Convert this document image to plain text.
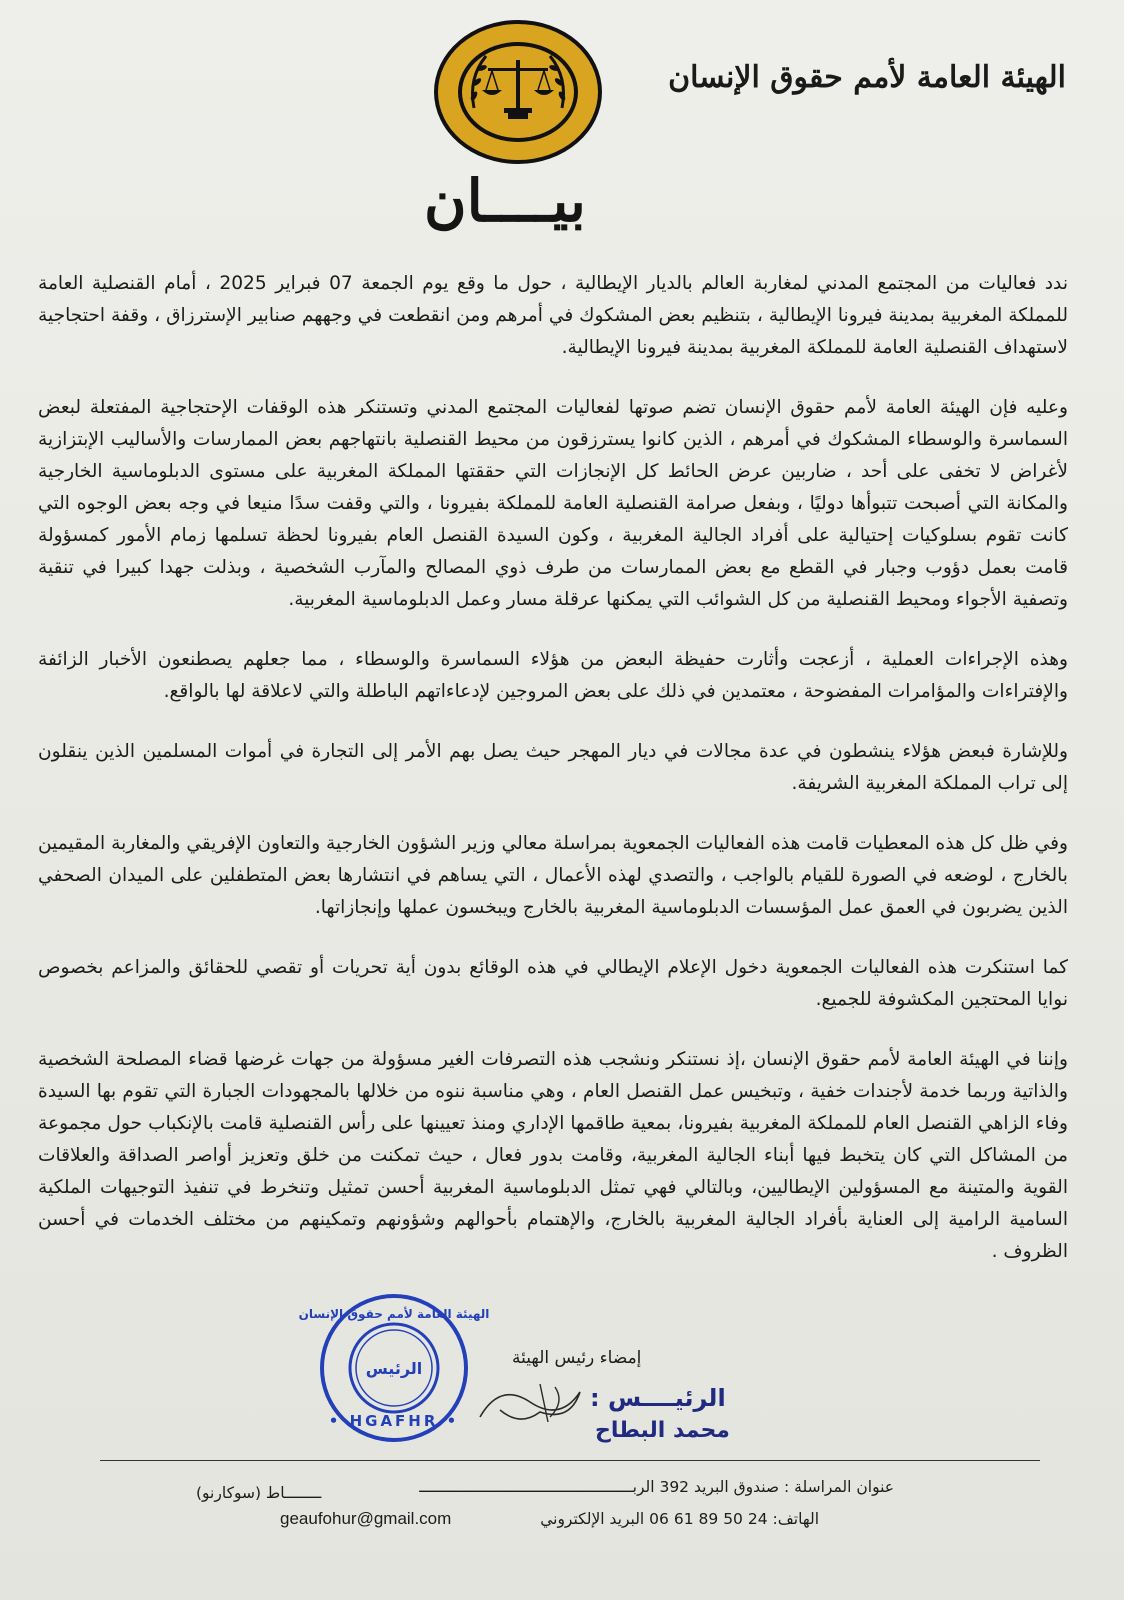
الهيئة العامة لأمم حقوق الإنسان
بيــــان

ندد فعاليات من المجتمع المدني لمغاربة العالم بالديار الإيطالية ، حول ما وقع يوم الجمعة 07 فبراير 2025 ، أمام القنصلية العامة للمملكة المغربية بمدينة فيرونا الإيطالية ، بتنظيم بعض المشكوك في أمرهم ومن انقطعت في وجههم صنابير الإسترزاق ، وقفة احتجاجية لاستهداف القنصلية العامة للمملكة المغربية بمدينة فيرونا الإيطالية.

وعليه فإن الهيئة العامة لأمم حقوق الإنسان تضم صوتها لفعاليات المجتمع المدني وتستنكر هذه الوقفات الإحتجاجية المفتعلة لبعض السماسرة والوسطاء المشكوك في أمرهم ، الذين كانوا يسترزقون من محيط القنصلية بانتهاجهم بعض الممارسات والأساليب الإبتزازية لأغراض لا تخفى على أحد ، ضاربين عرض الحائط كل الإنجازات التي حققتها المملكة المغربية على مستوى الدبلوماسية الخارجية والمكانة التي أصبحت تتبوأها دوليًا ، وبفعل صرامة القنصلية العامة للمملكة بفيرونا ، والتي وقفت سدًا منيعا في وجه بعض الوجوه التي كانت تقوم بسلوكيات إحتيالية على أفراد الجالية المغربية ، وكون السيدة القنصل العام بفيرونا لحظة تسلمها زمام الأمور كمسؤولة قامت بعمل دؤوب وجبار في القطع مع بعض الممارسات من طرف ذوي المصالح والمآرب الشخصية ، وبذلت جهدا كبيرا في تنقية وتصفية الأجواء ومحيط القنصلية من كل الشوائب التي يمكنها عرقلة مسار وعمل الدبلوماسية المغربية.

وهذه الإجراءات العملية ، أزعجت وأثارت حفيظة البعض من هؤلاء السماسرة والوسطاء ، مما جعلهم يصطنعون الأخبار الزائفة والإفتراءات والمؤامرات المفضوحة ، معتمدين في ذلك على بعض المروجين لإدعاءاتهم الباطلة والتي لاعلاقة لها بالواقع.

وللإشارة فبعض هؤلاء ينشطون في عدة مجالات في ديار المهجر حيث يصل بهم الأمر إلى التجارة في أموات المسلمين الذين ينقلون إلى تراب المملكة المغربية الشريفة.

وفي ظل كل هذه المعطيات قامت هذه الفعاليات الجمعوية بمراسلة معالي وزير الشؤون الخارجية والتعاون الإفريقي والمغاربة المقيمين بالخارج ، لوضعه في الصورة للقيام بالواجب ، والتصدي لهذه الأعمال ، التي يساهم في انتشارها بعض المتطفلين على الميدان الصحفي الذين يضربون في العمق عمل المؤسسات الدبلوماسية المغربية بالخارج ويبخسون عملها وإنجازاتها.

كما استنكرت هذه الفعاليات الجمعوية دخول الإعلام الإيطالي في هذه الوقائع بدون أية تحريات أو تقصي للحقائق والمزاعم بخصوص نوايا المحتجين المكشوفة للجميع.

وإننا في الهيئة العامة لأمم حقوق الإنسان ،إذ نستنكر ونشجب هذه التصرفات الغير مسؤولة من جهات غرضها قضاء المصلحة الشخصية والذاتية وربما خدمة لأجندات خفية ، وتبخيس عمل القنصل العام ، وهي مناسبة ننوه من خلالها بالمجهودات الجبارة التي تقوم بها السيدة وفاء الزاهي القنصل العام للمملكة المغربية بفيرونا، بمعية طاقمها الإداري ومنذ تعيينها على رأس القنصلية قامت بالإنكباب حول مجموعة من المشاكل التي كان يتخبط فيها أبناء الجالية المغربية، وقامت بدور فعال ، حيث تمكنت من خلق وتعزيز أواصر الصداقة والعلاقات القوية والمتينة مع المسؤولين الإيطاليين، وبالتالي فهي تمثل الدبلوماسية المغربية أحسن تمثيل وتنخرط في تنفيذ التوجيهات الملكية السامية الرامية إلى العناية بأفراد الجالية المغربية بالخارج، والإهتمام بأحوالهم وشؤونهم وتمكينهم من مختلف الخدمات في أحسن الظروف .

الرئيس
• HGAFHR •
الهيئة العامة لأمم حقوق الإنسان
إمضاء رئيس الهيئة
الرئيــــس :
محمد البطاح
عنوان المراسلة : صندوق البريد 392 الربـــــــــــــــــــــــــــــــــــــــــــــــ
ــــــــاط (سوكارنو)
الهاتف: 24 50 89 61 06 البريد الإلكتروني
geaufohur@gmail.com
